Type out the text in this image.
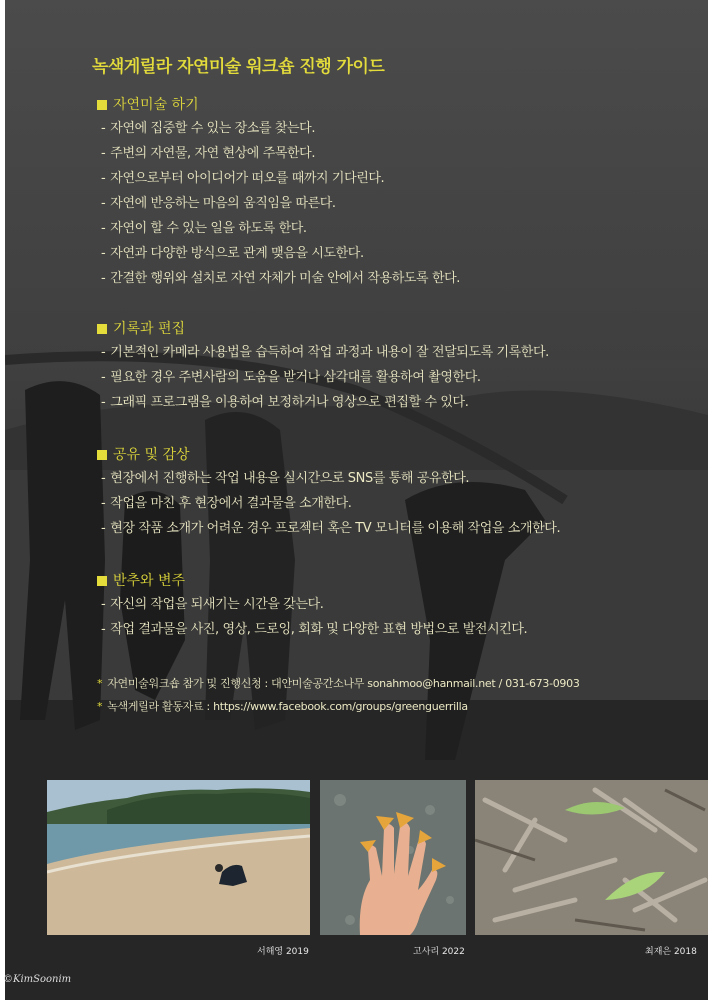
녹색게릴라 자연미술 워크숍 진행 가이드
자연미술 하기
- 자연에 집중할 수 있는 장소를 찾는다.
- 주변의 자연물, 자연 현상에 주목한다.
- 자연으로부터 아이디어가 떠오를 때까지 기다린다.
- 자연에 반응하는 마음의 움직임을 따른다.
- 자연이 할 수 있는 일을 하도록 한다.
- 자연과 다양한 방식으로 관계 맺음을 시도한다.
- 간결한 행위와 설치로 자연 자체가 미술 안에서 작용하도록 한다.
기록과 편집
- 기본적인 카메라 사용법을 습득하여 작업 과정과 내용이 잘 전달되도록 기록한다.
- 필요한 경우 주변사람의 도움을 받거나 삼각대를 활용하여 촬영한다.
- 그래픽 프로그램을 이용하여 보정하거나 영상으로 편집할 수 있다.
공유 및 감상
- 현장에서 진행하는 작업 내용을 실시간으로 SNS를 통해 공유한다.
- 작업을 마친 후 현장에서 결과물을 소개한다.
- 현장 작품 소개가 어려운 경우 프로젝터 혹은 TV 모니터를 이용해 작업을 소개한다.
반추와 변주
- 자신의 작업을 되새기는 시간을 갖는다.
- 작업 결과물을 사진, 영상, 드로잉, 회화 및 다양한 표현 방법으로 발전시킨다.
* 자연미술워크숍 참가 및 진행신청 : 대안미술공간소나무 sonahmoo@hanmail.net / 031-673-0903
* 녹색게릴라 활동자료 : https://www.facebook.com/groups/greenguerrilla
서해영 2019	고사리 2022	최재은 2018
©KimSoonim
